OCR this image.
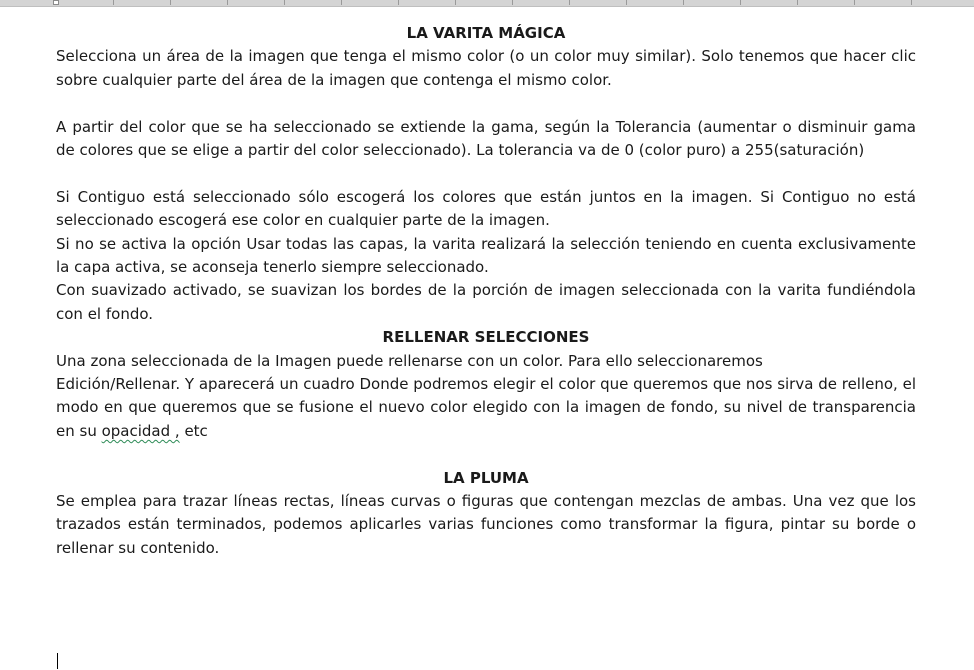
LA VARITA MÁGICA

Selecciona un área de la imagen que tenga el mismo color (o un color muy similar). Solo tenemos que hacer clic sobre cualquier parte del área de la imagen que contenga el mismo color.

A partir del color que se ha seleccionado se extiende la gama, según la Tolerancia (aumentar o disminuir gama de colores que se elige a partir del color seleccionado). La tolerancia va de 0 (color puro) a 255(saturación)

Si Contiguo está seleccionado sólo escogerá los colores que están juntos en la imagen. Si Contiguo no está seleccionado escogerá ese color en cualquier parte de la imagen.

Si no se activa la opción Usar todas las capas, la varita realizará la selección teniendo en cuenta exclusivamente la capa activa, se aconseja tenerlo siempre seleccionado.

Con suavizado activado, se suavizan los bordes de la porción de imagen seleccionada con la varita fundiéndola con el fondo.

RELLENAR SELECCIONES

Una zona seleccionada de la Imagen puede rellenarse con un color. Para ello seleccionaremos

Edición/Rellenar. Y aparecerá un cuadro Donde podremos elegir el color que queremos que nos sirva de relleno, el modo en que queremos que se fusione el nuevo color elegido con la imagen de fondo, su nivel de transparencia en su opacidad , etc

LA PLUMA

Se emplea para trazar líneas rectas, líneas curvas o figuras que contengan mezclas de ambas. Una vez que los trazados están terminados, podemos aplicarles varias funciones como transformar la figura, pintar su borde o rellenar su contenido.
